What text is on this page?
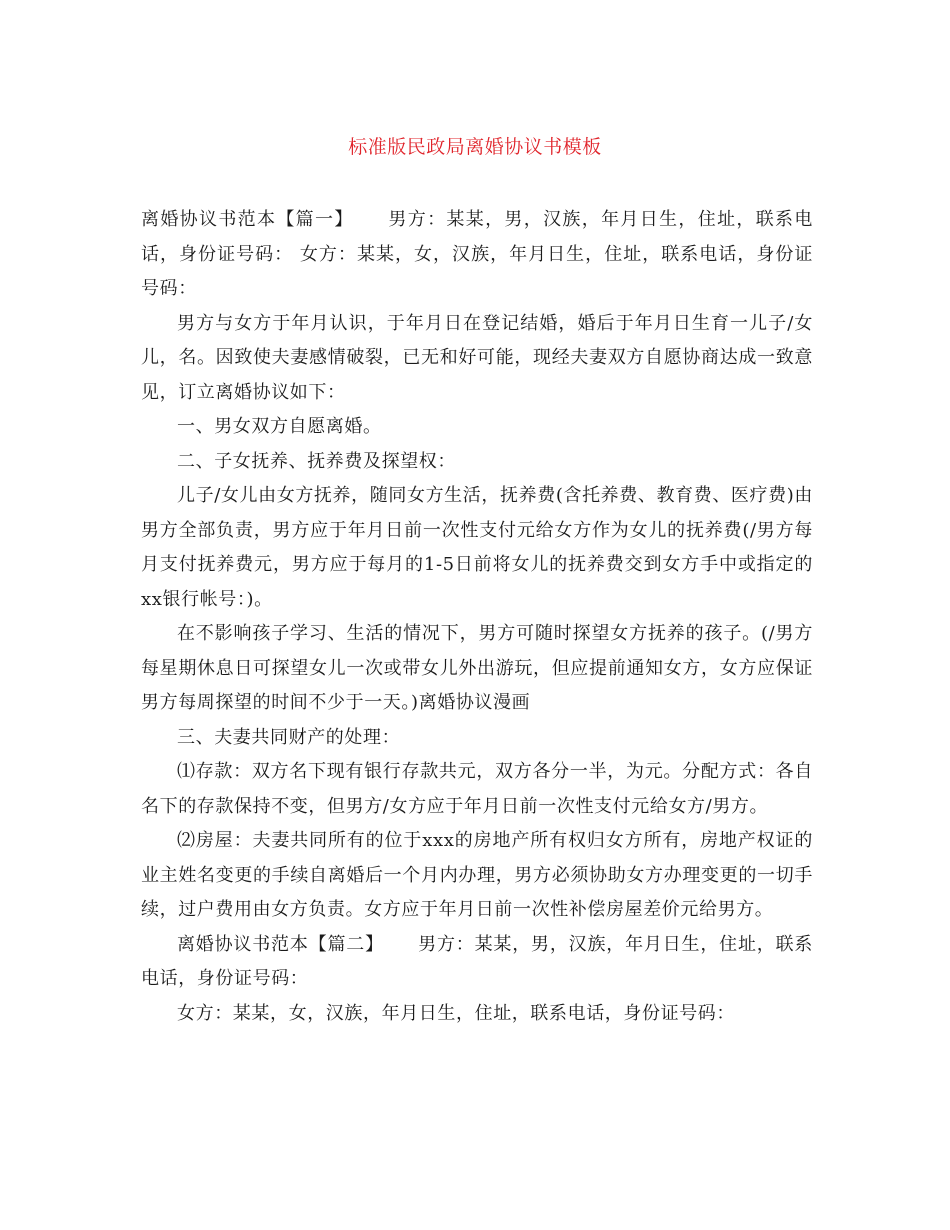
标准版民政局离婚协议书模板

离婚协议书范本【篇一】 男方：某某，男，汉族，年月日生，住址，联系电话，身份证号码： 女方：某某，女，汉族，年月日生，住址，联系电话，身份证号码：

男方与女方于年月认识，于年月日在登记结婚，婚后于年月日生育一儿子/女儿，名。因致使夫妻感情破裂，已无和好可能，现经夫妻双方自愿协商达成一致意见，订立离婚协议如下：

一、男女双方自愿离婚。

二、子女抚养、抚养费及探望权：

儿子/女儿由女方抚养，随同女方生活，抚养费(含托养费、教育费、医疗费)由男方全部负责，男方应于年月日前一次性支付元给女方作为女儿的抚养费(/男方每月支付抚养费元，男方应于每月的1-5日前将女儿的抚养费交到女方手中或指定的xx银行帐号：)。

在不影响孩子学习、生活的情况下，男方可随时探望女方抚养的孩子。(/男方每星期休息日可探望女儿一次或带女儿外出游玩，但应提前通知女方，女方应保证男方每周探望的时间不少于一天。)离婚协议漫画

三、夫妻共同财产的处理：

⑴存款：双方名下现有银行存款共元，双方各分一半，为元。分配方式：各自名下的存款保持不变，但男方/女方应于年月日前一次性支付元给女方/男方。

⑵房屋：夫妻共同所有的位于xxx的房地产所有权归女方所有，房地产权证的业主姓名变更的手续自离婚后一个月内办理，男方必须协助女方办理变更的一切手续，过户费用由女方负责。女方应于年月日前一次性补偿房屋差价元给男方。

离婚协议书范本【篇二】 男方：某某，男，汉族，年月日生，住址，联系电话，身份证号码：

女方：某某，女，汉族，年月日生，住址，联系电话，身份证号码：
